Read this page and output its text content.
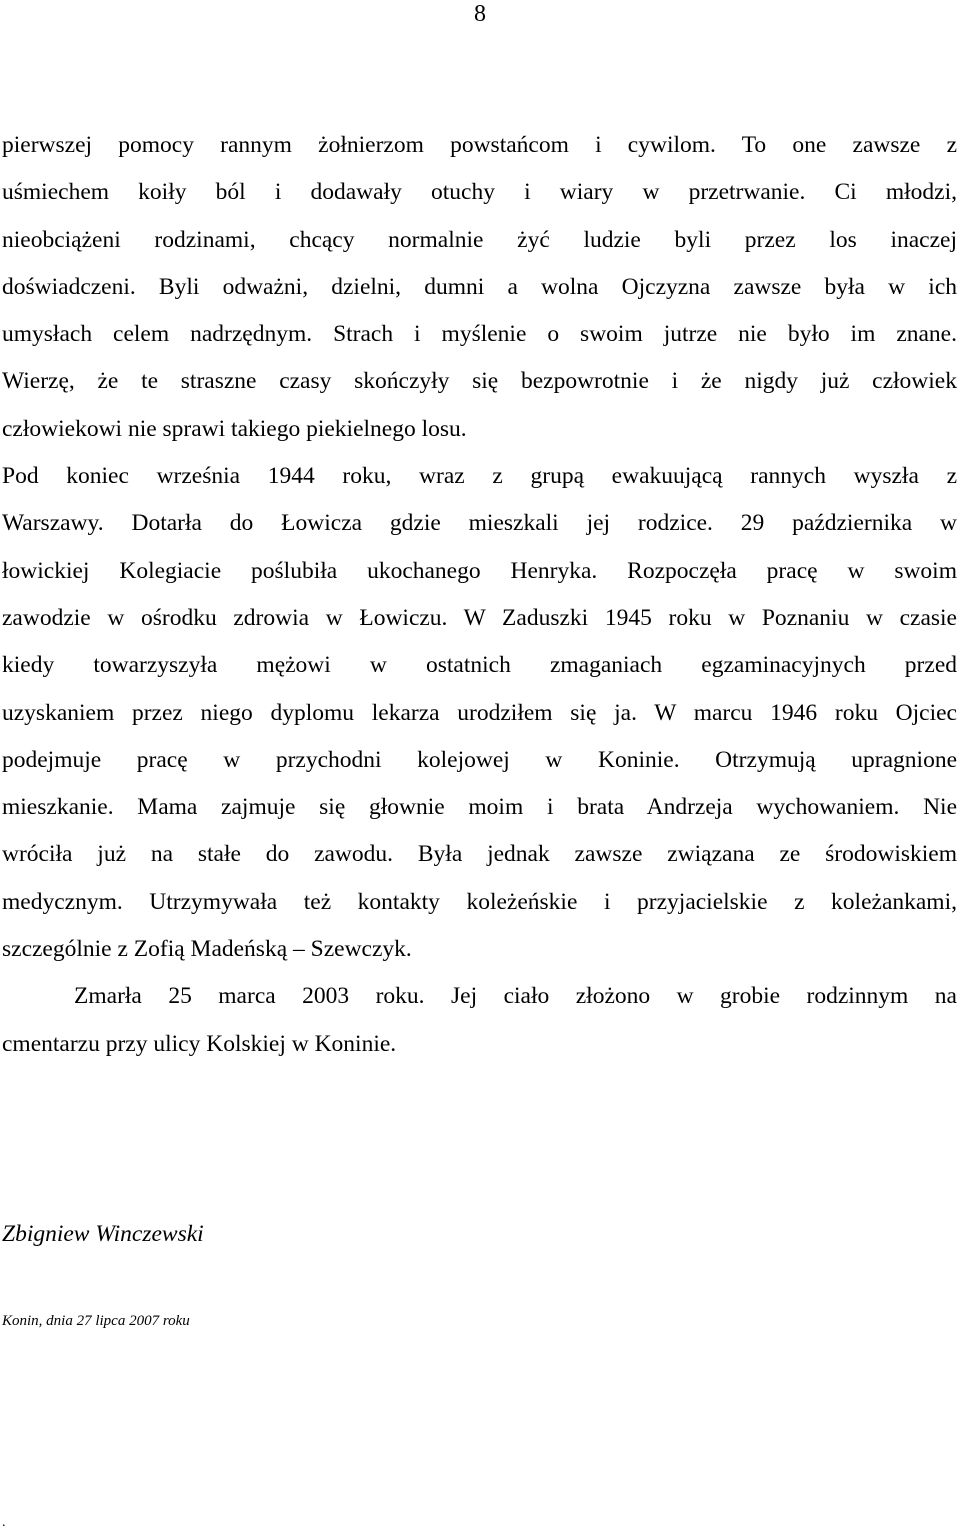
8
pierwszej pomocy rannym żołnierzom powstańcom i cywilom. To one zawsze z
uśmiechem koiły ból i dodawały otuchy i wiary w przetrwanie. Ci młodzi,
nieobciążeni rodzinami, chcący normalnie żyć ludzie byli przez los inaczej
doświadczeni. Byli odważni, dzielni, dumni a wolna Ojczyzna zawsze była w ich
umysłach celem nadrzędnym. Strach i myślenie o swoim jutrze nie było im znane.
Wierzę, że te straszne czasy skończyły się bezpowrotnie i że nigdy już człowiek
człowiekowi nie sprawi takiego piekielnego losu.
Pod koniec września 1944 roku, wraz z grupą ewakuującą rannych wyszła z
Warszawy. Dotarła do Łowicza gdzie mieszkali jej rodzice. 29 października w
łowickiej Kolegiacie poślubiła ukochanego Henryka. Rozpoczęła pracę w swoim
zawodzie w ośrodku zdrowia w Łowiczu. W Zaduszki 1945 roku w Poznaniu w czasie
kiedy towarzyszyła mężowi w ostatnich zmaganiach egzaminacyjnych przed
uzyskaniem przez niego dyplomu lekarza urodziłem się ja. W marcu 1946 roku Ojciec
podejmuje pracę w przychodni kolejowej w Koninie. Otrzymują upragnione
mieszkanie. Mama zajmuje się głownie moim i brata Andrzeja wychowaniem. Nie
wróciła już na stałe do zawodu. Była jednak zawsze związana ze środowiskiem
medycznym. Utrzymywała też kontakty koleżeńskie i przyjacielskie z koleżankami,
szczególnie z Zofią Madeńską – Szewczyk.
Zmarła 25 marca 2003 roku. Jej ciało złożono w grobie rodzinnym na
cmentarzu przy ulicy Kolskiej w Koninie.
Zbigniew Winczewski
Konin, dnia 27 lipca 2007 roku
.
